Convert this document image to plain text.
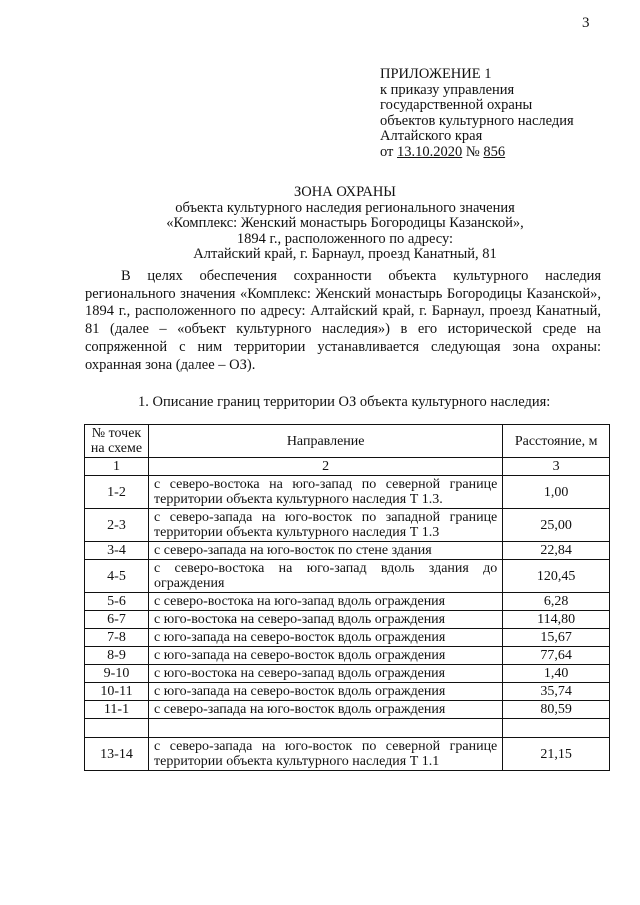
3
ПРИЛОЖЕНИЕ 1
к приказу управления
государственной охраны
объектов культурного наследия
Алтайского края
от 13.10.2020 № 856
ЗОНА ОХРАНЫ
объекта культурного наследия регионального значения
«Комплекс: Женский монастырь Богородицы Казанской»,
1894 г., расположенного по адресу:
Алтайский край, г. Барнаул, проезд Канатный, 81

В целях обеспечения сохранности объекта культурного наследия регионального значения «Комплекс: Женский монастырь Богородицы Казанской», 1894 г., расположенного по адресу: Алтайский край, г. Барнаул, проезд Канатный, 81 (далее – «объект культурного наследия») в его исторической среде на сопряженной с ним территории устанавливается следующая зона охраны: охранная зона (далее – ОЗ).

1. Описание границ территории ОЗ объекта культурного наследия:
№ точек на схеме	Направление	Расстояние, м
1	2	3
1-2	с северо-востока на юго-запад по северной границе территории объекта культурного наследия Т 1.3.	1,00
2-3	с северо-запада на юго-восток по западной границе территории объекта культурного наследия Т 1.3	25,00
3-4	с северо-запада на юго-восток по стене здания	22,84
4-5	с северо-востока на юго-запад вдоль здания до ограждения	120,45
5-6	с северо-востока на юго-запад вдоль ограждения	6,28
6-7	с юго-востока на северо-запад вдоль ограждения	114,80
7-8	с юго-запада на северо-восток вдоль ограждения	15,67
8-9	с юго-запада на северо-восток вдоль ограждения	77,64
9-10	с юго-востока на северо-запад вдоль ограждения	1,40
10-11	с юго-запада на северо-восток вдоль ограждения	35,74
11-1	с северо-запада на юго-восток вдоль ограждения	80,59

13-14	с северо-запада на юго-восток по северной границе территории объекта культурного наследия Т 1.1	21,15
